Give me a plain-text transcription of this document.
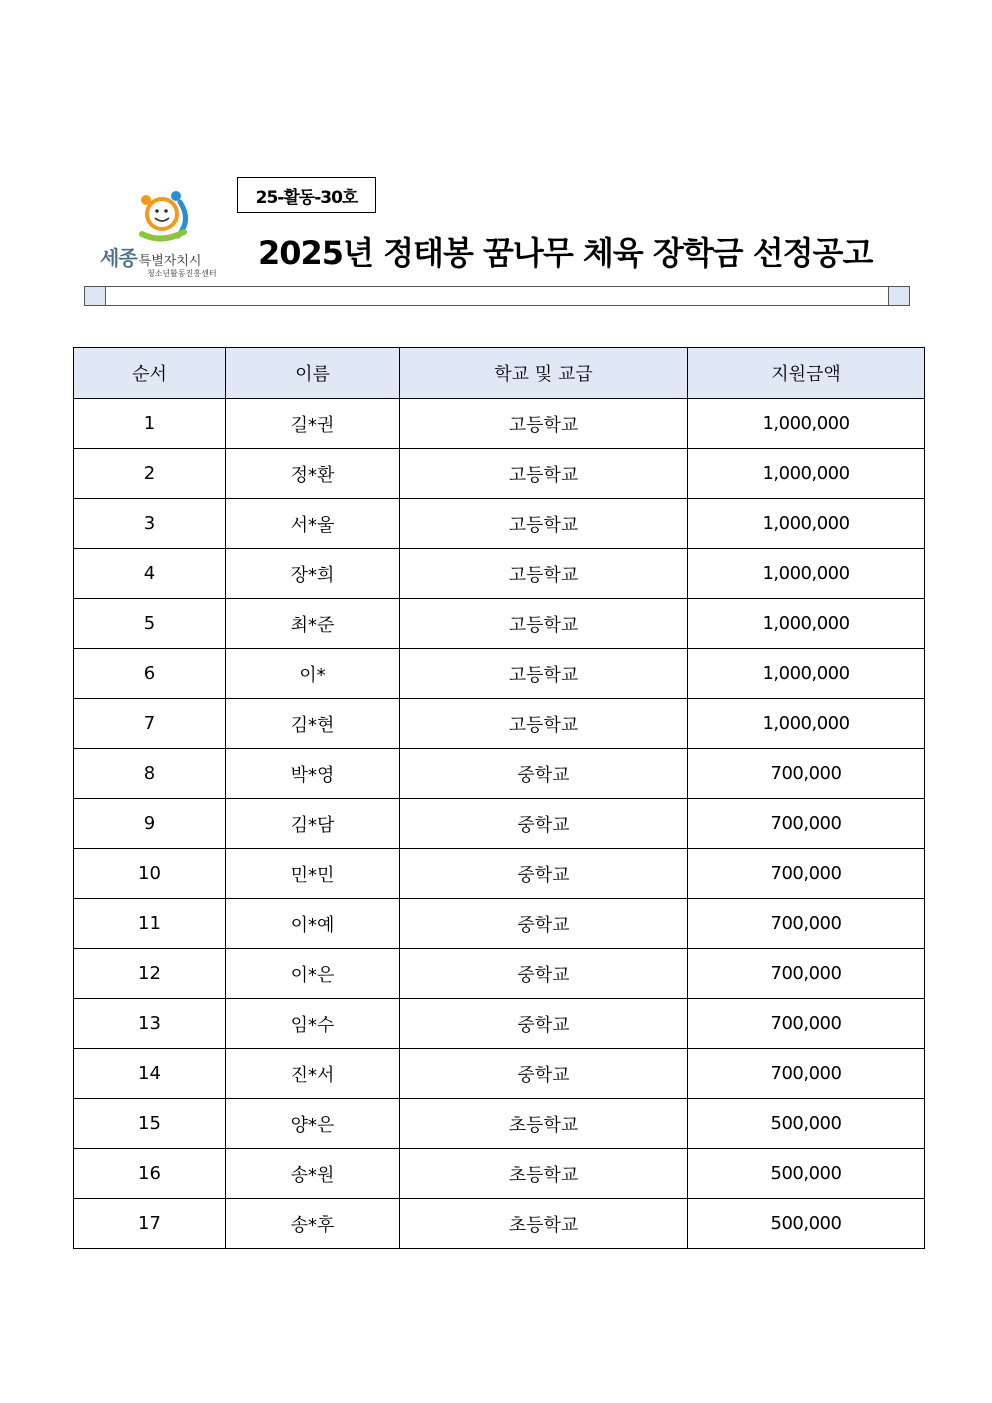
세종 특별자치시
청소년활동진흥센터
25-활동-30호
2025년 정태봉 꿈나무 체육 장학금 선정공고
순서	이름	학교 및 교급	지원금액
1	길*권	고등학교	1,000,000
2	정*환	고등학교	1,000,000
3	서*울	고등학교	1,000,000
4	장*희	고등학교	1,000,000
5	최*준	고등학교	1,000,000
6	이*	고등학교	1,000,000
7	김*현	고등학교	1,000,000
8	박*영	중학교	700,000
9	김*담	중학교	700,000
10	민*민	중학교	700,000
11	이*예	중학교	700,000
12	이*은	중학교	700,000
13	임*수	중학교	700,000
14	진*서	중학교	700,000
15	양*은	초등학교	500,000
16	송*원	초등학교	500,000
17	송*후	초등학교	500,000
